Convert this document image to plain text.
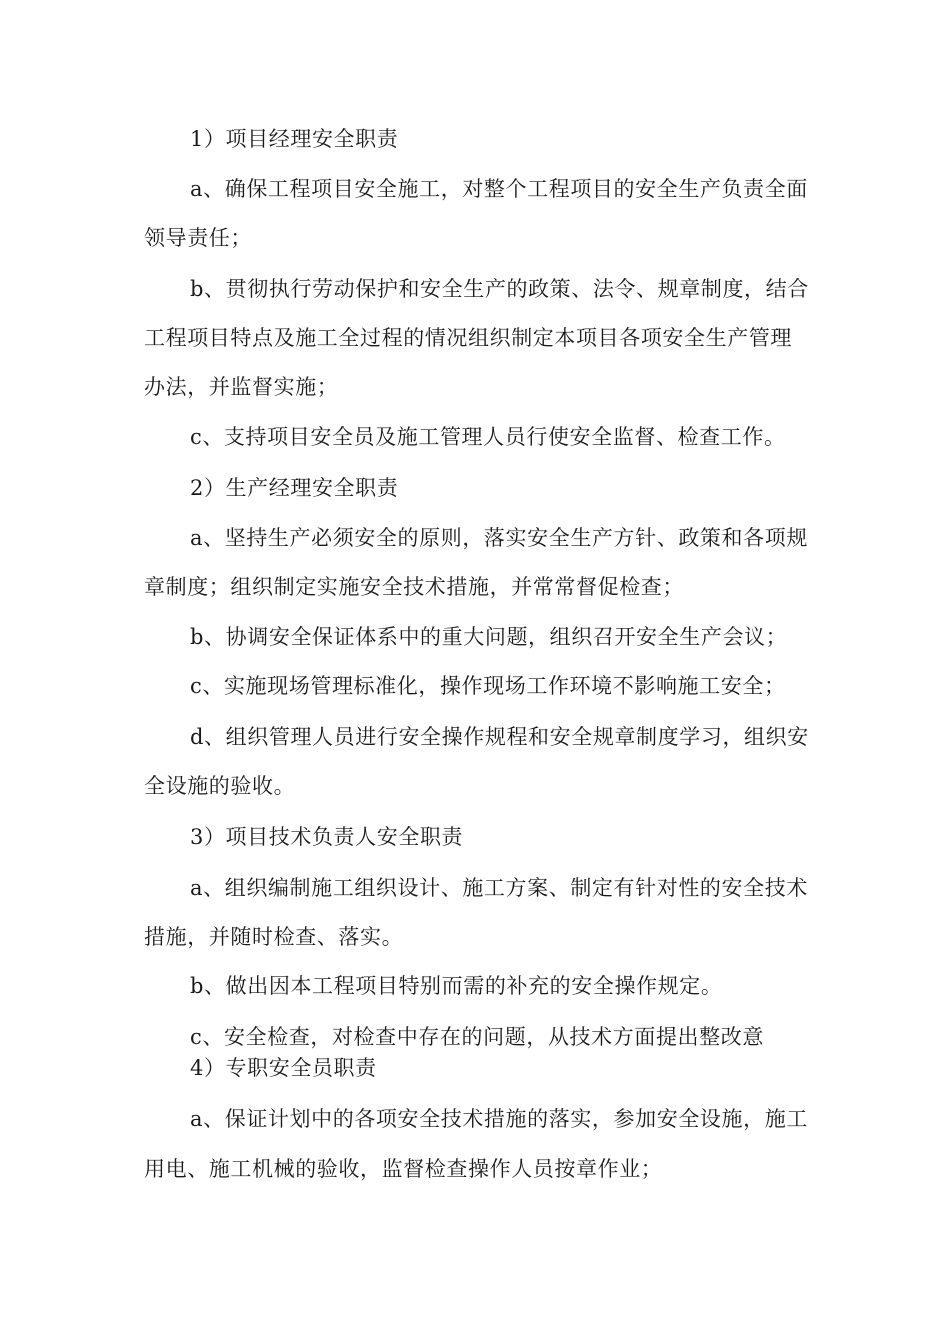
1）项目经理安全职责
a、确保工程项目安全施工，对整个工程项目的安全生产负责全面
领导责任；
b、贯彻执行劳动保护和安全生产的政策、法令、规章制度，结合
工程项目特点及施工全过程的情况组织制定本项目各项安全生产管理
办法，并监督实施；
c、支持项目安全员及施工管理人员行使安全监督、检查工作。
2）生产经理安全职责
a、坚持生产必须安全的原则，落实安全生产方针、政策和各项规
章制度；组织制定实施安全技术措施，并常常督促检查；
b、协调安全保证体系中的重大问题，组织召开安全生产会议；
c、实施现场管理标准化，操作现场工作环境不影响施工安全；
d、组织管理人员进行安全操作规程和安全规章制度学习，组织安
全设施的验收。
3）项目技术负责人安全职责
a、组织编制施工组织设计、施工方案、制定有针对性的安全技术
措施，并随时检查、落实。
b、做出因本工程项目特别而需的补充的安全操作规定。
c、安全检查，对检查中存在的问题，从技术方面提出整改意
4）专职安全员职责
a、保证计划中的各项安全技术措施的落实，参加安全设施，施工
用电、施工机械的验收，监督检查操作人员按章作业；
